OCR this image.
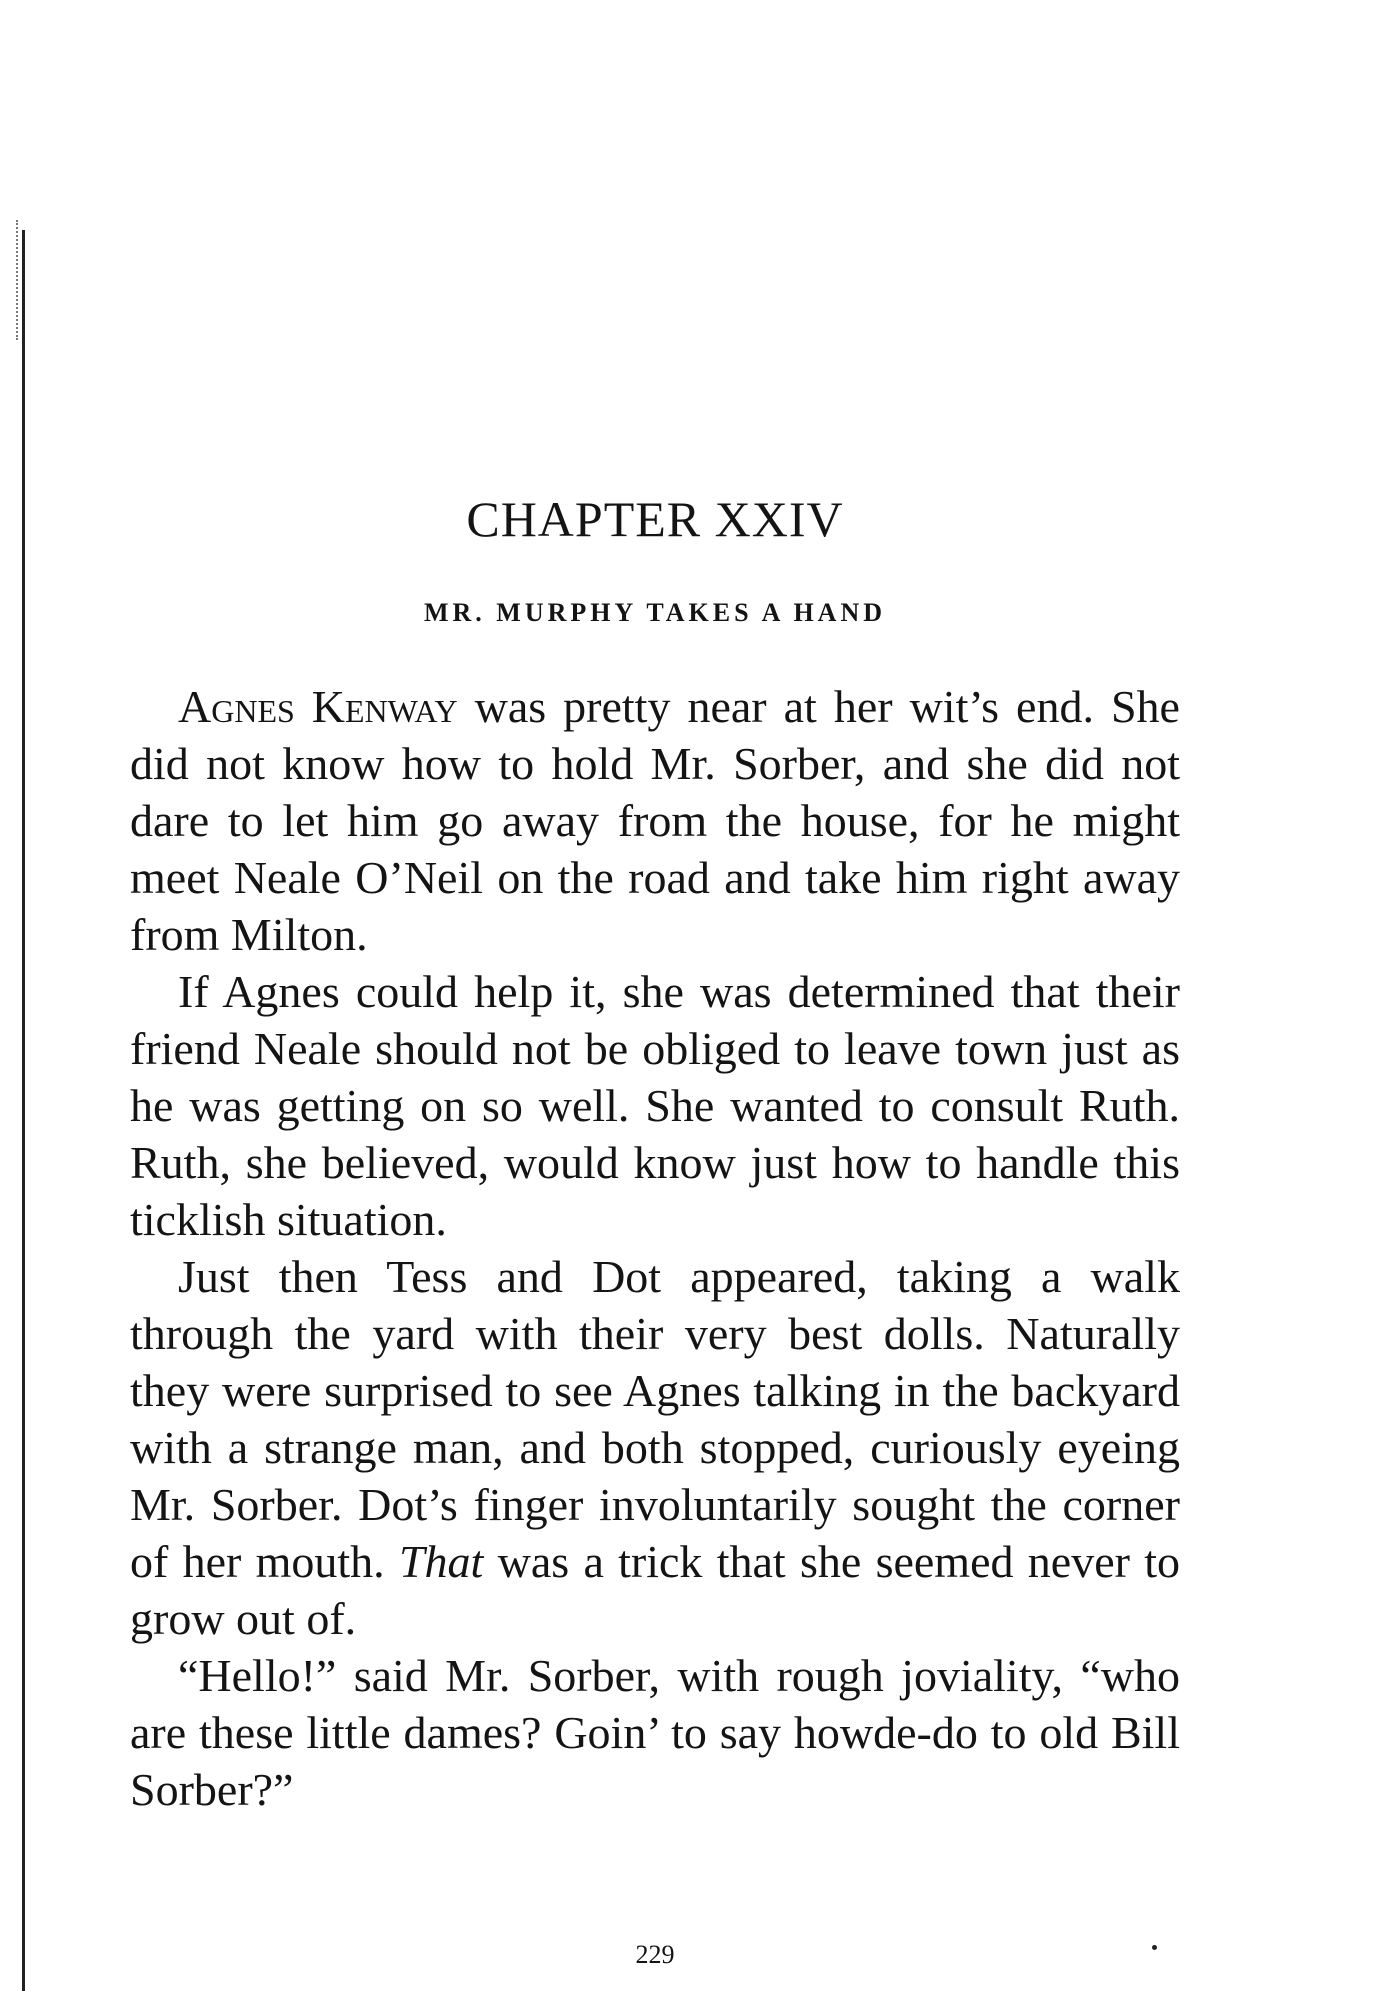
CHAPTER XXIV
MR. MURPHY TAKES A HAND

Agnes Kenway was pretty near at her wit’s end. She did not know how to hold Mr. Sorber, and she did not dare to let him go away from the house, for he might meet Neale O’Neil on the road and take him right away from Milton.

If Agnes could help it, she was determined that their friend Neale should not be obliged to leave town just as he was getting on so well. She wanted to consult Ruth. Ruth, she believed, would know just how to handle this ticklish situation.

Just then Tess and Dot appeared, taking a walk through the yard with their very best dolls. Naturally they were surprised to see Agnes talking in the backyard with a strange man, and both stopped, curiously eyeing Mr. Sorber. Dot’s finger involuntarily sought the corner of her mouth. That was a trick that she seemed never to grow out of.

“Hello!” said Mr. Sorber, with rough joviality, “who are these little dames? Goin’ to say howde-do to old Bill Sorber?”

229
